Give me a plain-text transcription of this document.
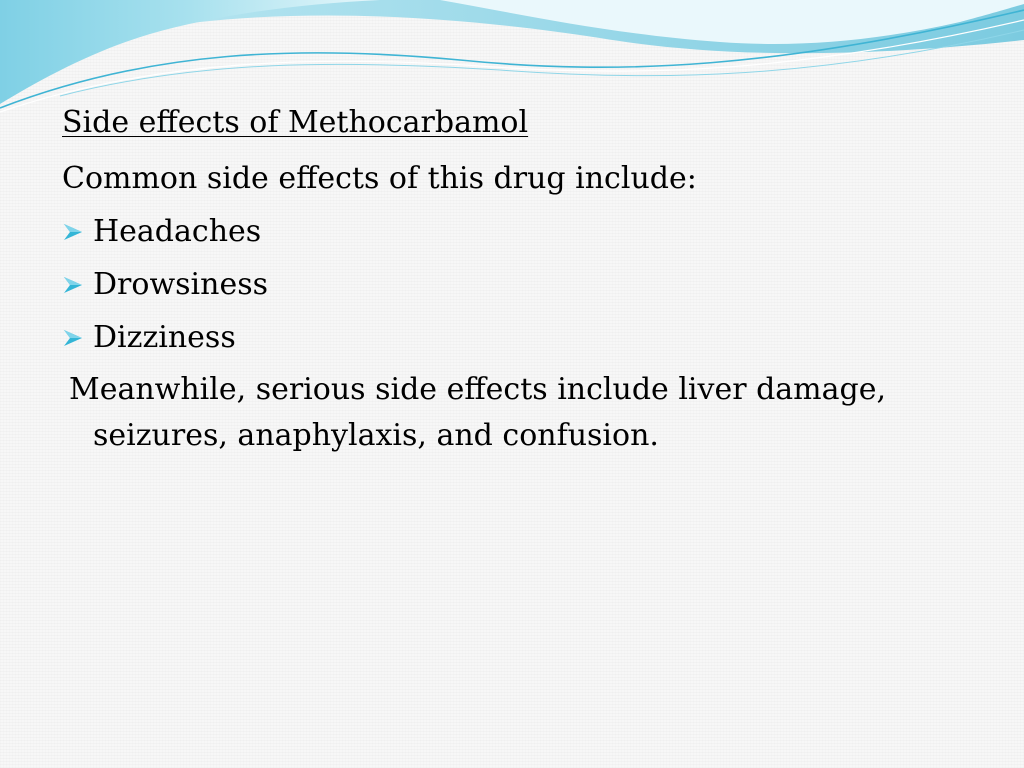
Side effects of Methocarbamol
Common side effects of this drug include:
Headaches
Drowsiness
Dizziness
Meanwhile, serious side effects include liver damage, seizures, anaphylaxis, and confusion.
